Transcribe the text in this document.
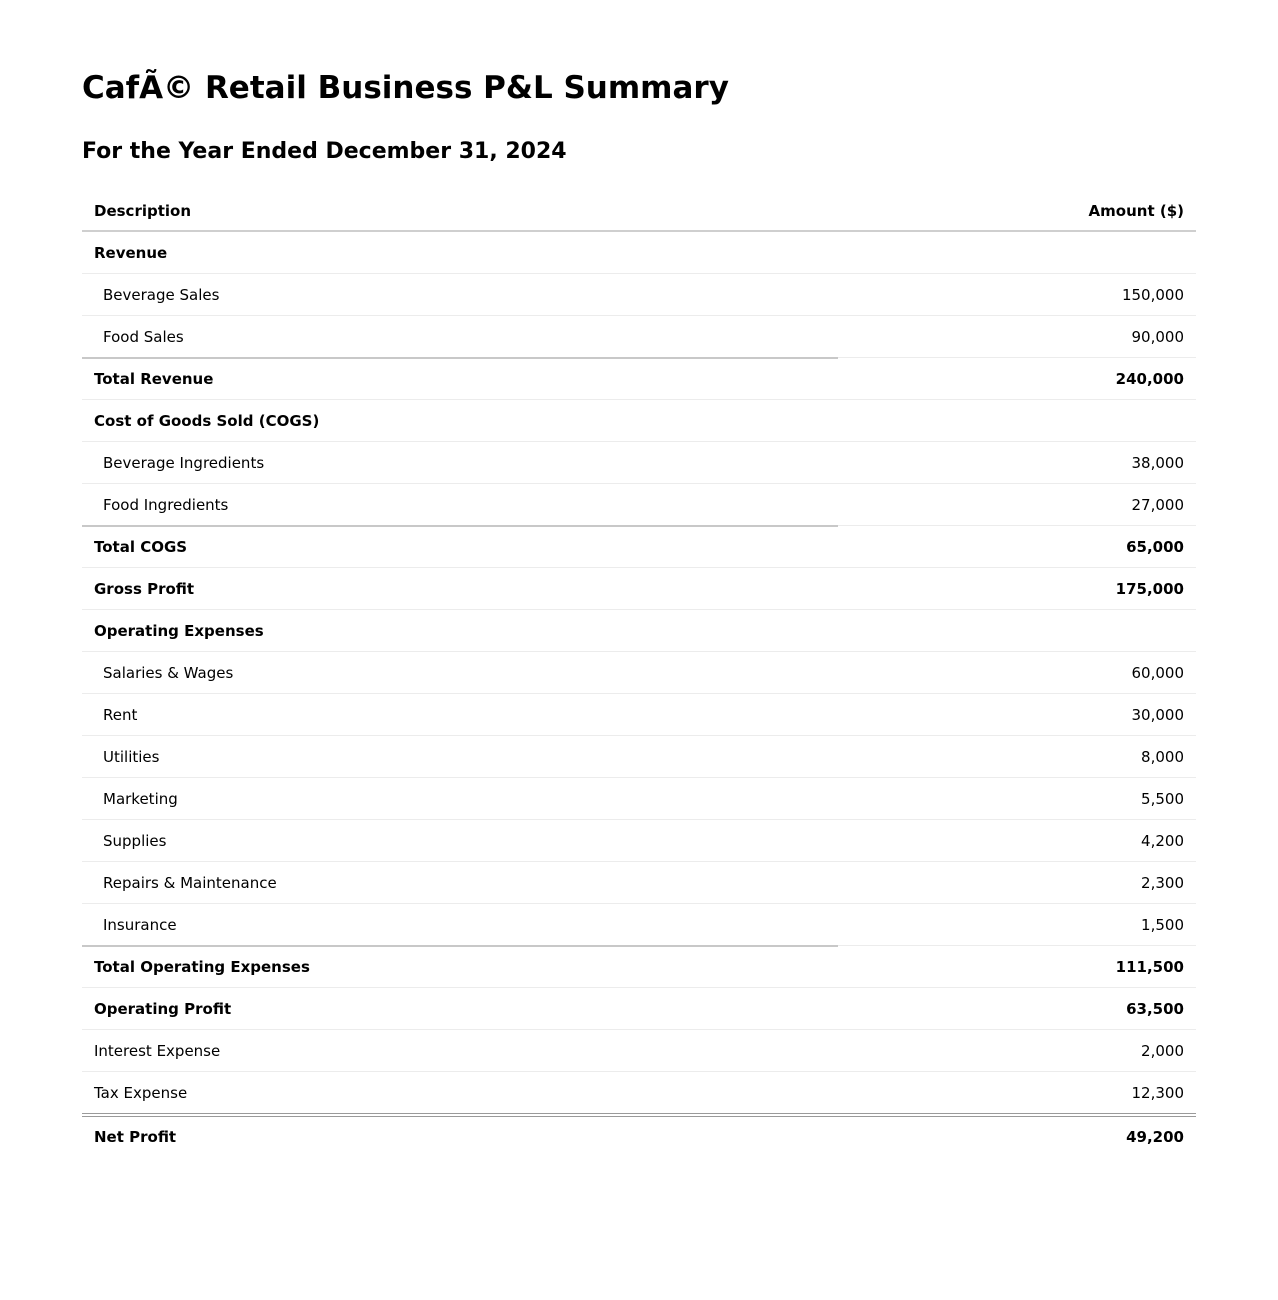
CafÃ© Retail Business P&L Summary
For the Year Ended December 31, 2024
Description	Amount ($)
Revenue
Beverage Sales	150,000
Food Sales	90,000
Total Revenue	240,000
Cost of Goods Sold (COGS)
Beverage Ingredients	38,000
Food Ingredients	27,000
Total COGS	65,000
Gross Profit	175,000
Operating Expenses
Salaries & Wages	60,000
Rent	30,000
Utilities	8,000
Marketing	5,500
Supplies	4,200
Repairs & Maintenance	2,300
Insurance	1,500
Total Operating Expenses	111,500
Operating Profit	63,500
Interest Expense	2,000
Tax Expense	12,300
Net Profit	49,200
